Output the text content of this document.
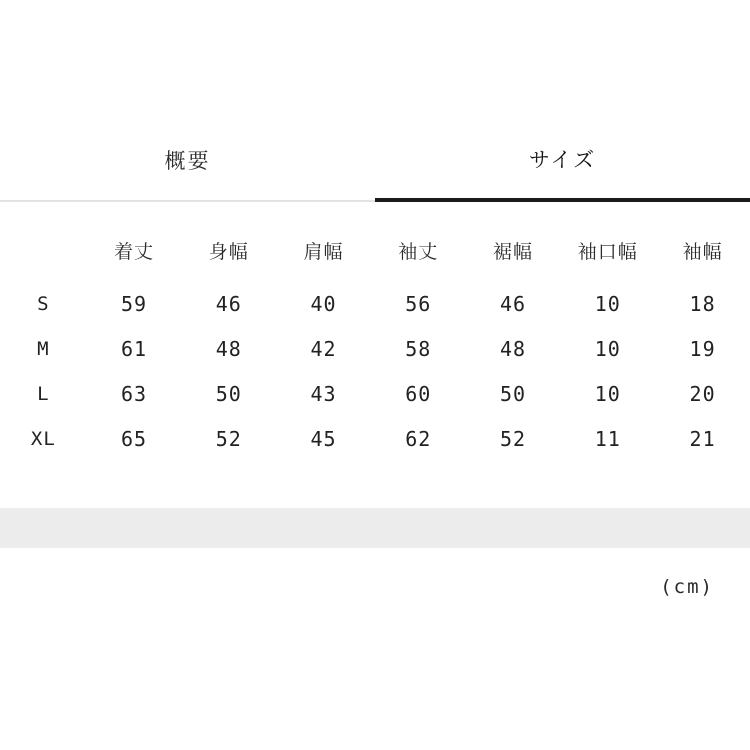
概要	サイズ
	着丈	身幅	肩幅	袖丈	裾幅	袖口幅	袖幅
S	59	46	40	56	46	10	18
M	61	48	42	58	48	10	19
L	63	50	43	60	50	10	20
XL	65	52	45	62	52	11	21
(cm)
